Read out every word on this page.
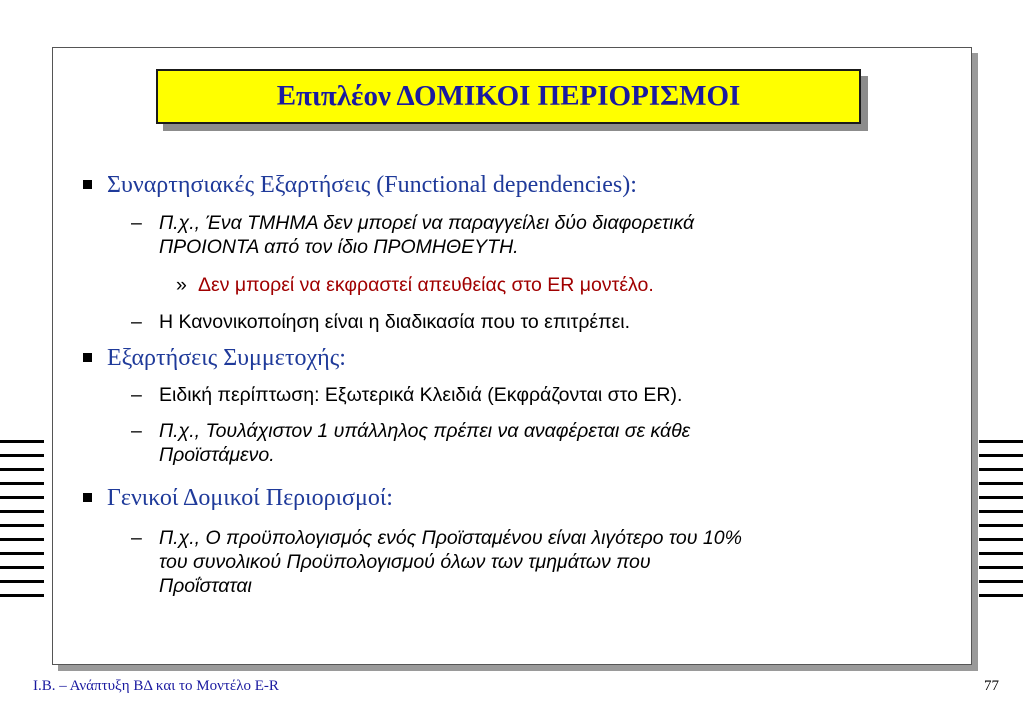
Επιπλέον ΔΟΜΙΚΟΙ ΠΕΡΙΟΡΙΣΜΟΙ
Συναρτησιακές Εξαρτήσεις (Functional dependencies):
– Π.χ., Ένα ΤΜΗΜΑ δεν μπορεί να παραγγείλει δύο διαφορετικά
ΠΡΟΙΟΝΤΑ από τον ίδιο ΠΡΟΜΗΘΕΥΤΗ.
» Δεν μπορεί να εκφραστεί απευθείας στο ER μοντέλο.
– Η Κανονικοποίηση είναι η διαδικασία που το επιτρέπει.
Εξαρτήσεις Συμμετοχής:
– Ειδική περίπτωση: Εξωτερικά Κλειδιά (Εκφράζονται στο ER).
– Π.χ., Τουλάχιστον 1 υπάλληλος πρέπει να αναφέρεται σε κάθε
Προϊστάμενο.
Γενικοί Δομικοί Περιορισμοί:
– Π.χ., Ο προϋπολογισμός ενός Προϊσταμένου είναι λιγότερο του 10%
του συνολικού Προϋπολογισμού όλων των τμημάτων που
Προΐσταται
Ι.Β. – Ανάπτυξη ΒΔ και το Μοντέλο E-R	77
